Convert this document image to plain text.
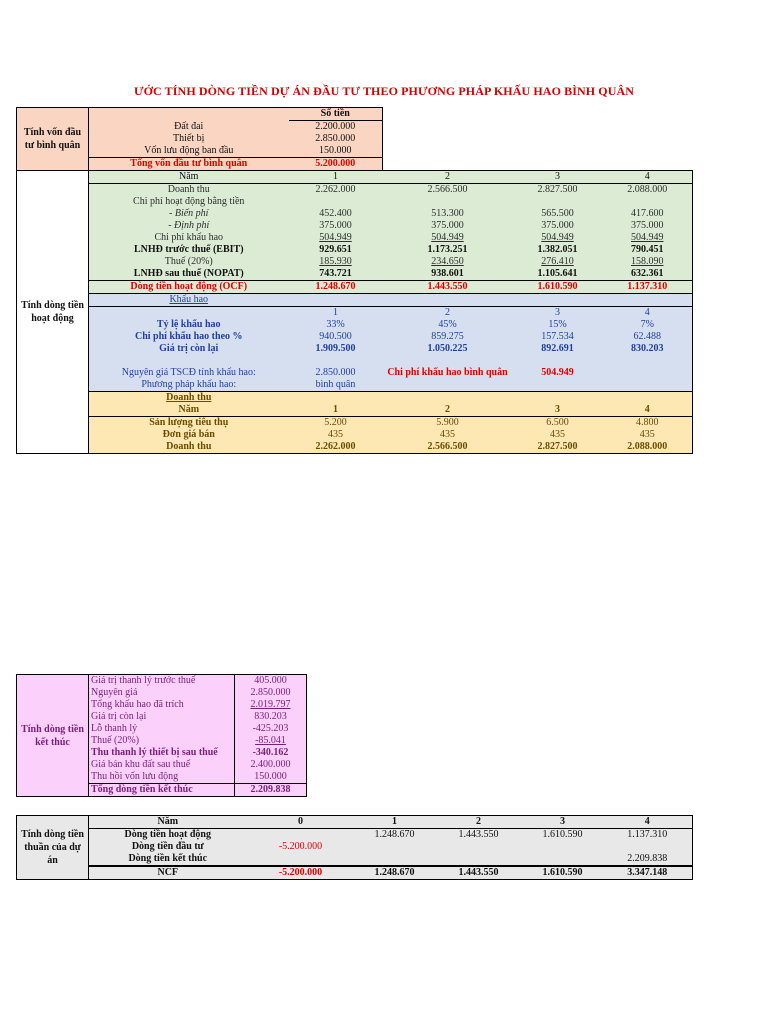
ƯỚC TÍNH DÒNG TIỀN DỰ ÁN ĐẦU TƯ THEO PHƯƠNG PHÁP KHẤU HAO BÌNH QUÂN
Tính vốn đầu tư bình quân		Số tiền			
	Đất đai	2.200.000			
	Thiết bị	2.850.000			
	Vốn lưu động ban đầu	150.000			
	Tổng vốn đầu tư bình quân	5.200.000			

Tính dòng tiền hoạt động	Năm	1	2	3	4
	Doanh thu	2.262.000	2.566.500	2.827.500	2.088.000
	Chi phí hoạt động bằng tiền				
	- Biến phí	452.400	513.300	565.500	417.600
	- Định phí	375.000	375.000	375.000	375.000
	Chi phí khấu hao	504.949	504.949	504.949	504.949
	LNHĐ trước thuế (EBIT)	929.651	1.173.251	1.382.051	790.451
	Thuế (20%)	185.930	234.650	276.410	158.090
	LNHĐ sau thuế (NOPAT)	743.721	938.601	1.105.641	632.361
	Dòng tiền hoạt động (OCF)	1.248.670	1.443.550	1.610.590	1.137.310
	Khấu hao				
		1	2	3	4
	Tỷ lệ khấu hao	33%	45%	15%	7%
	Chi phí khấu hao theo %	940.500	859.275	157.534	62.488
	Giá trị còn lại	1.909.500	1.050.225	892.691	830.203

	Nguyên giá TSCĐ tính khấu hao:	2.850.000	Chi phí khấu hao bình quân	504.949	
	Phương pháp khấu hao:	bình quân			
	Doanh thu				
	Năm	1	2	3	4
	Sản lượng tiêu thụ	5.200	5.900	6.500	4.800
	Đơn giá bán	435	435	435	435
	Doanh thu	2.262.000	2.566.500	2.827.500	2.088.000
Tính dòng tiền kết thúc	Giá trị thanh lý trước thuế	405.000
	Nguyên giá	2.850.000
	Tổng khấu hao đã trích	2.019.797
	Giá trị còn lại	830.203
	Lỗ thanh lý	-425.203
	Thuế (20%)	-85.041
	Thu thanh lý thiết bị sau thuế	-340.162
	Giá bán khu đất sau thuế	2.400.000
	Thu hồi vốn lưu động	150.000
	Tổng dòng tiền kết thúc	2.209.838
Tính dòng tiền thuần của dự án	Năm	0	1	2	3	4
	Dòng tiền hoạt động		1.248.670	1.443.550	1.610.590	1.137.310
	Dòng tiền đầu tư	-5.200.000				
	Dòng tiền kết thúc					2.209.838
	NCF	-5.200.000	1.248.670	1.443.550	1.610.590	3.347.148
